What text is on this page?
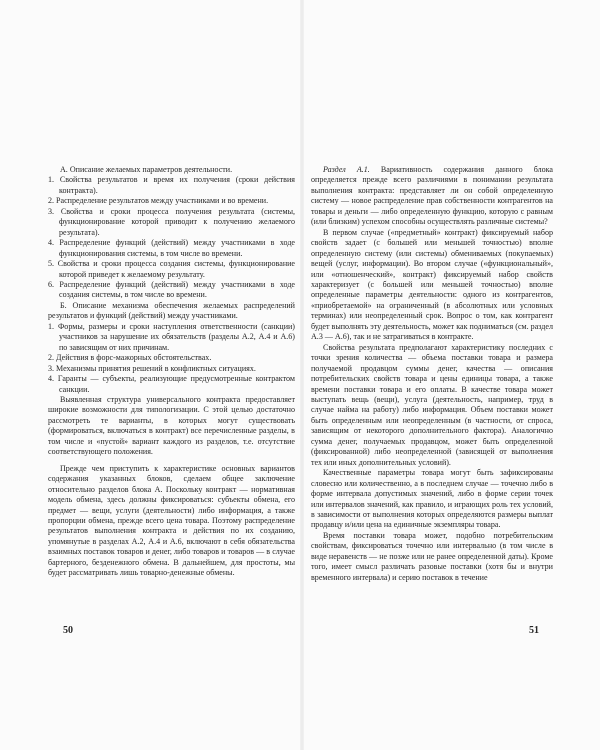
А. Описание желаемых параметров деятельности.

1. Свойства результатов и время их получения (сроки действия контракта).

2. Распределение результатов между участниками и во времени.

3. Свойства и сроки процесса получения результата (системы, функционирование которой приводит к получению желаемого результата).

4. Распределение функций (действий) между участниками в ходе функционирования системы, в том числе во времени.

5. Свойства и сроки процесса создания системы, функционирование которой приведет к желаемому результату.

6. Распределение функций (действий) между участниками в ходе создания системы, в том числе во времени.

Б. Описание механизма обеспечения желаемых распределений результатов и функций (действий) между участниками.

1. Формы, размеры и сроки наступления ответственности (санкции) участников за нарушение их обязательств (разделы А.2, А.4 и А.6) по зависящим от них причинам.

2. Действия в форс-мажорных обстоятельствах.

3. Механизмы принятия решений в конфликтных ситуациях.

4. Гаранты — субъекты, реализующие предусмотренные контрактом санкции.

Выявленная структура универсального контракта предоставляет широкие возможности для типологизации. С этой целью достаточно рассмотреть те варианты, в которых могут существовать (формироваться, включаться в контракт) все перечисленные разделы, в том числе и «пустой» вариант каждого из разделов, т.е. отсутствие соответствующего положения.

Прежде чем приступить к характеристике основных вариантов содержания указанных блоков, сделаем общее заключение относительно разделов блока А. Поскольку контракт — нормативная модель обмена, здесь должны фиксироваться: субъекты обмена, его предмет — вещи, услуги (деятельности) либо информация, а также пропорции обмена, прежде всего цена товара. Поэтому распределение результатов выполнения контракта и действия по их созданию, упомянутые в разделах А.2, А.4 и А.6, включают в себя обязательства взаимных поставок товаров и денег, либо товаров и товаров — в случае бартерного, безденежного обмена. В дальнейшем, для простоты, мы будет рассматривать лишь товарно-денежные обмены.

50

Раздел А.1. Вариативность содержания данного блока определяется прежде всего различиями в понимании результата выполнения контракта: представляет ли он собой определенную систему — новое распределение прав собственности контрагентов на товары и деньги — либо определенную функцию, которую с равным (или близким) успехом способны осуществлять различные системы?

В первом случае («предметный» контракт) фиксируемый набор свойств задает (с большей или меньшей точностью) вполне определенную систему (или системы) обмениваемых (покупаемых) вещей (услуг, информации). Во втором случае («функциональный», или «отношенческий», контракт) фиксируемый набор свойств характеризует (с большей или меньшей точностью) вполне определенные параметры деятельности: одного из контрагентов, «приобретаемой» на ограниченный (в абсолютных или условных терминах) или неопределенный срок. Вопрос о том, как контрагент будет выполнять эту деятельность, может как подниматься (см. раздел А.3 — А.6), так и не затрагиваться в контракте.

Свойства результата предполагают характеристику последних с точки зрения количества — объема поставки товара и размера получаемой продавцом суммы денег, качества — описания потребительских свойств товара и цены единицы товара, а также времени поставки товара и его оплаты. В качестве товара может выступать вещь (вещи), услуга (деятельность, например, труд в случае найма на работу) либо информация. Объем поставки может быть определенным или неопределенным (в частности, от спроса, зависящим от некоторого дополнительного фактора). Аналогично сумма денег, получаемых продавцом, может быть определенной (фиксированной) либо неопределенной (зависящей от выполнения тех или иных дополнительных условий).

Качественные параметры товара могут быть зафиксированы словесно или количественно, а в последнем случае — точечно либо в форме интервала допустимых значений, либо в форме серии точек или интервалов значений, как правило, и играющих роль тех условий, в зависимости от выполнения которых определяются размеры выплат продавцу и/или цена на единичные экземпляры товара.

Время поставки товара может, подобно потребительским свойствам, фиксироваться точечно или интервально (в том числе в виде неравенств — не позже или не ранее определенной даты). Кроме того, имеет смысл различать разовые поставки (хотя бы и внутри временного интервала) и серию поставок в течение

51
